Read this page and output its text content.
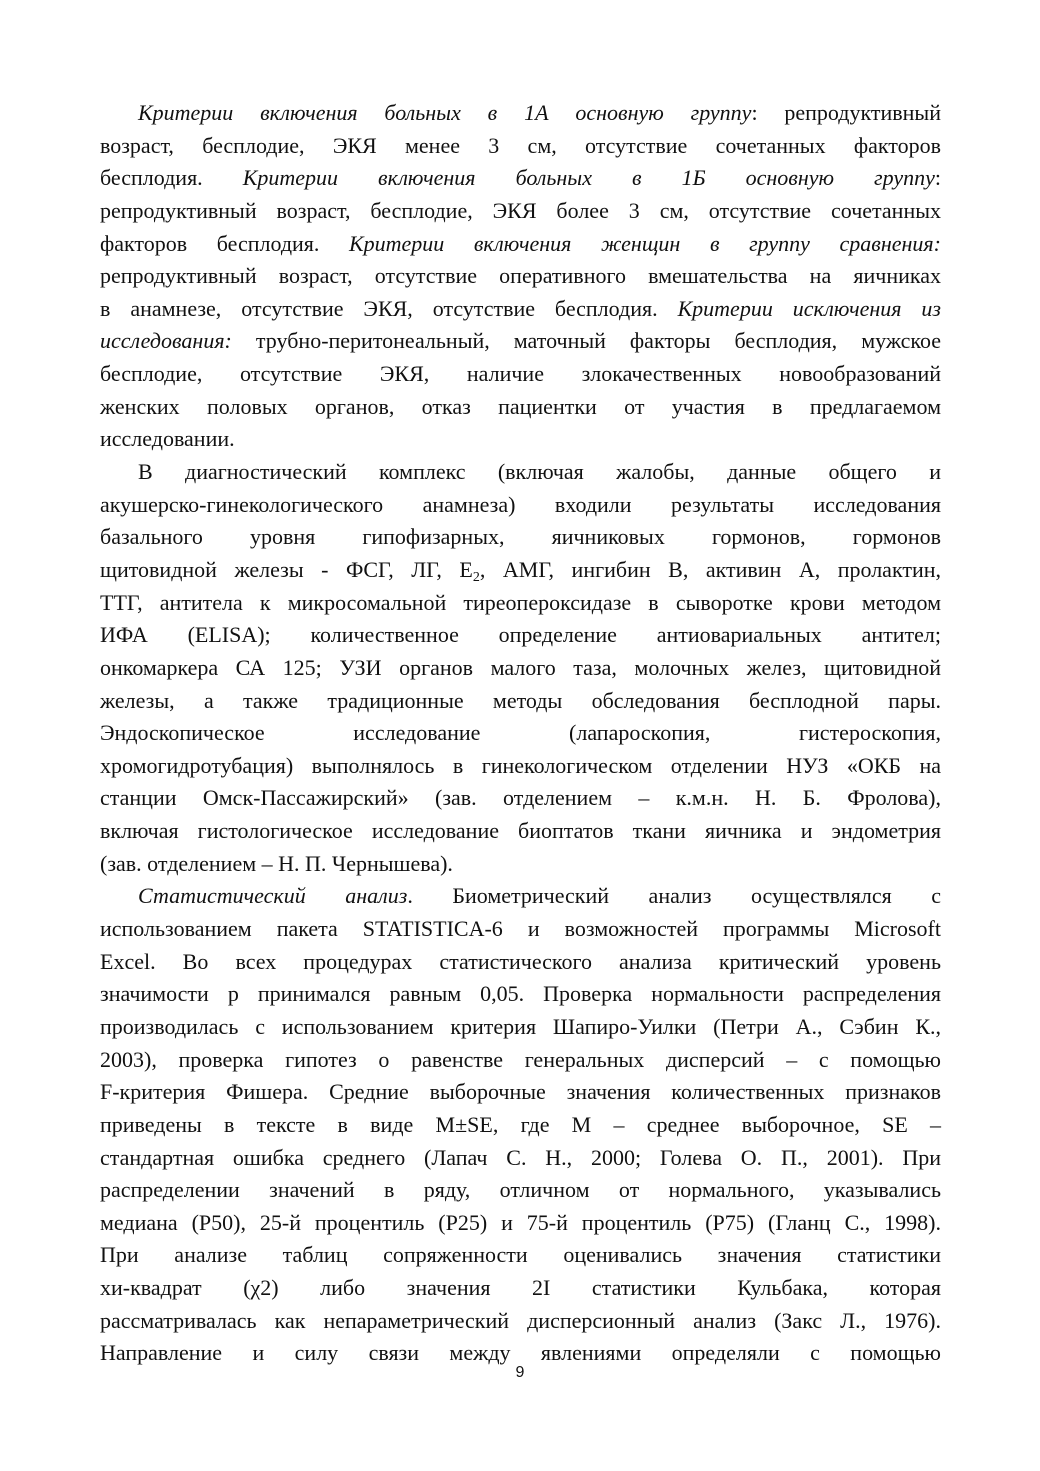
Критерии включения больных в 1А основную группу: репродуктивный
возраст, бесплодие, ЭКЯ менее 3 см, отсутствие сочетанных факторов
бесплодия. Критерии включения больных в 1Б основную группу:
репродуктивный возраст, бесплодие, ЭКЯ более 3 см, отсутствие сочетанных
факторов бесплодия. Критерии включения женщин в группу сравнения:
репродуктивный возраст, отсутствие оперативного вмешательства на яичниках
в анамнезе, отсутствие ЭКЯ, отсутствие бесплодия. Критерии исключения из
исследования: трубно-перитонеальный, маточный факторы бесплодия, мужское
бесплодие, отсутствие ЭКЯ, наличие злокачественных новообразований
женских половых органов, отказ пациентки от участия в предлагаемом
исследовании.
В диагностический комплекс (включая жалобы, данные общего и
акушерско-гинекологического анамнеза) входили результаты исследования
базального уровня гипофизарных, яичниковых гормонов, гормонов
щитовидной железы - ФСГ, ЛГ, $E_2$, АМГ, ингибин В, активин А, пролактин,
ТТГ, антитела к микросомальной тиреопероксидазе в сыворотке крови методом
ИФА (ELISA); количественное определение антиовариальных антител;
онкомаркера СА 125; УЗИ органов малого таза, молочных желез, щитовидной
железы, а также традиционные методы обследования бесплодной пары.
Эндоскопическое исследование (лапароскопия, гистероскопия,
хромогидротубация) выполнялось в гинекологическом отделении НУЗ «ОКБ на
станции Омск-Пассажирский» (зав. отделением – к.м.н. Н. Б. Фролова),
включая гистологическое исследование биоптатов ткани яичника и эндометрия
(зав. отделением – Н. П. Чернышева).
Статистический анализ. Биометрический анализ осуществлялся с
использованием пакета STATISTICA-6 и возможностей программы Microsoft
Excel. Во всех процедурах статистического анализа критический уровень
значимости р принимался равным 0,05. Проверка нормальности распределения
производилась с использованием критерия Шапиро-Уилки (Петри А., Сэбин К.,
2003), проверка гипотез о равенстве генеральных дисперсий – с помощью
F-критерия Фишера. Средние выборочные значения количественных признаков
приведены в тексте в виде M±SE, где M – среднее выборочное, SE –
стандартная ошибка среднего (Лапач С. Н., 2000; Голева О. П., 2001). При
распределении значений в ряду, отличном от нормального, указывались
медиана (P50), 25-й процентиль (P25) и 75-й процентиль (P75) (Гланц С., 1998).
При анализе таблиц сопряженности оценивались значения статистики
хи-квадрат (χ2) либо значения 2I статистики Кульбака, которая
рассматривалась как непараметрический дисперсионный анализ (Закс Л., 1976).
Направление и силу связи между явлениями определяли с помощью
9
